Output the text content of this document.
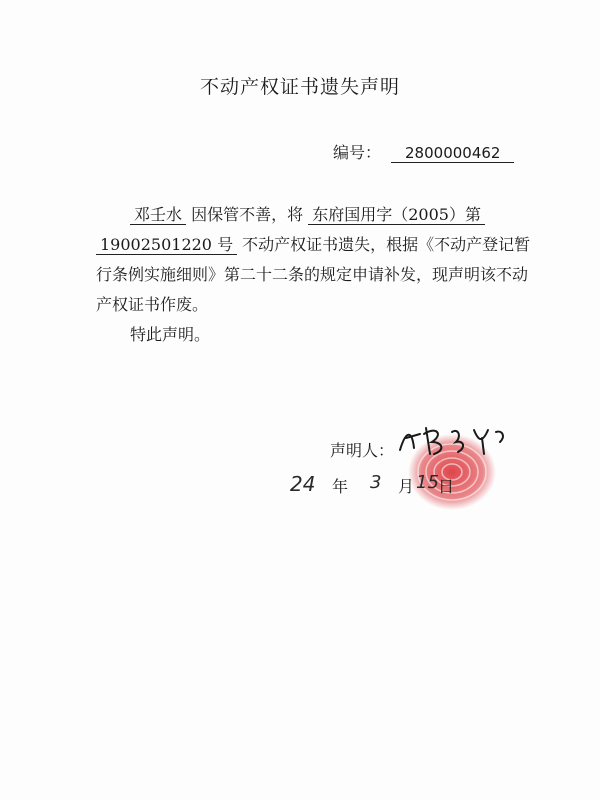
不动产权证书遗失声明
编号： 2800000462

邓壬水 因保管不善，将 东府国用字（2005）第
19002501220 号 不动产权证书遗失，根据《不动产登记暂行条例实施细则》第二十二条的规定申请补发，现声明该不动产权证书作废。

特此声明。

声明人：
24 年 3 月 15 日
